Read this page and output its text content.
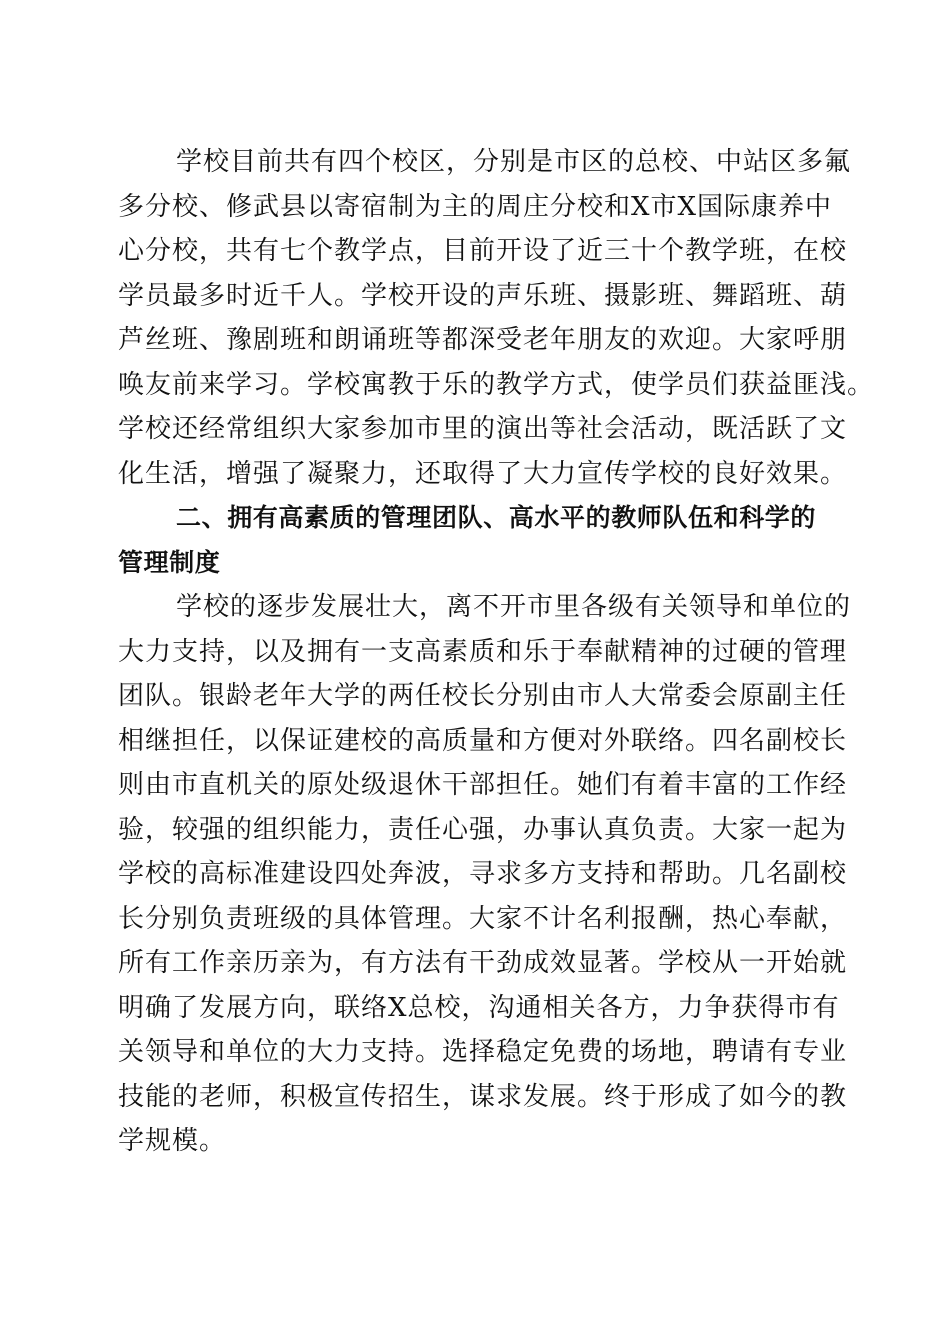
学校目前共有四个校区，分别是市区的总校、中站区多氟
多分校、修武县以寄宿制为主的周庄分校和X市X国际康养中
心分校，共有七个教学点，目前开设了近三十个教学班，在校
学员最多时近千人。学校开设的声乐班、摄影班、舞蹈班、葫
芦丝班、豫剧班和朗诵班等都深受老年朋友的欢迎。大家呼朋
唤友前来学习。学校寓教于乐的教学方式，使学员们获益匪浅。
学校还经常组织大家参加市里的演出等社会活动，既活跃了文
化生活，增强了凝聚力，还取得了大力宣传学校的良好效果。
二、拥有高素质的管理团队、高水平的教师队伍和科学的
管理制度
学校的逐步发展壮大，离不开市里各级有关领导和单位的
大力支持，以及拥有一支高素质和乐于奉献精神的过硬的管理
团队。银龄老年大学的两任校长分别由市人大常委会原副主任
相继担任，以保证建校的高质量和方便对外联络。四名副校长
则由市直机关的原处级退休干部担任。她们有着丰富的工作经
验，较强的组织能力，责任心强，办事认真负责。大家一起为
学校的高标准建设四处奔波，寻求多方支持和帮助。几名副校
长分别负责班级的具体管理。大家不计名利报酬，热心奉献，
所有工作亲历亲为，有方法有干劲成效显著。学校从一开始就
明确了发展方向，联络X总校，沟通相关各方，力争获得市有
关领导和单位的大力支持。选择稳定免费的场地，聘请有专业
技能的老师，积极宣传招生，谋求发展。终于形成了如今的教
学规模。
